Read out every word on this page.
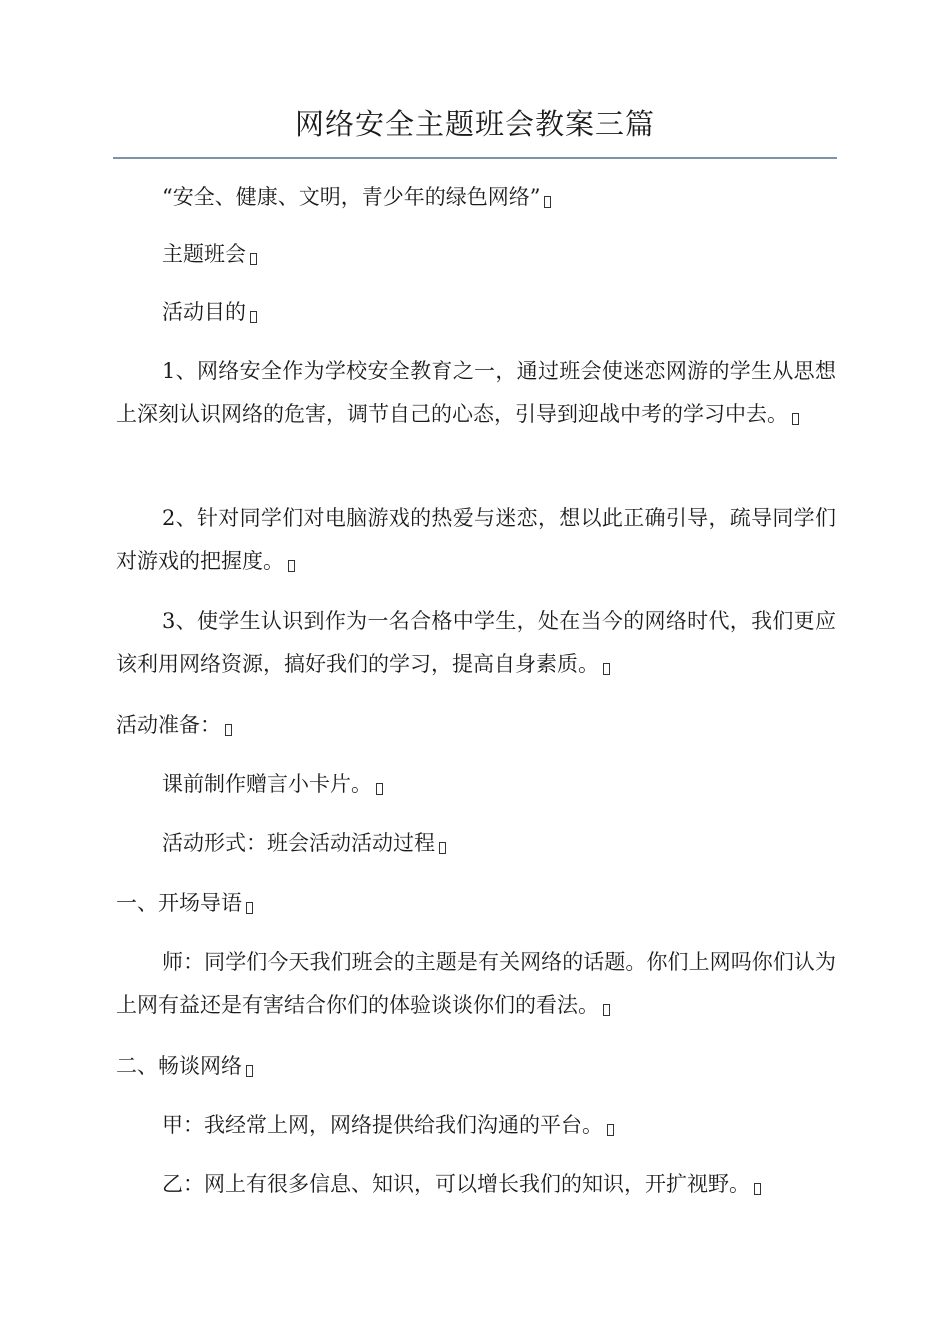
网络安全主题班会教案三篇

“安全、健康、文明，青少年的绿色网络”

主题班会

活动目的

1、网络安全作为学校安全教育之一，通过班会使迷恋网游的学生从思想上深刻认识网络的危害，调节自己的心态，引导到迎战中考的学习中去。

2、针对同学们对电脑游戏的热爱与迷恋，想以此正确引导，疏导同学们对游戏的把握度。

3、使学生认识到作为一名合格中学生，处在当今的网络时代，我们更应该利用网络资源，搞好我们的学习，提高自身素质。

活动准备：

课前制作赠言小卡片。

活动形式：班会活动活动过程

一、开场导语

师：同学们今天我们班会的主题是有关网络的话题。你们上网吗你们认为上网有益还是有害结合你们的体验谈谈你们的看法。

二、畅谈网络

甲：我经常上网，网络提供给我们沟通的平台。

乙：网上有很多信息、知识，可以增长我们的知识，开扩视野。
